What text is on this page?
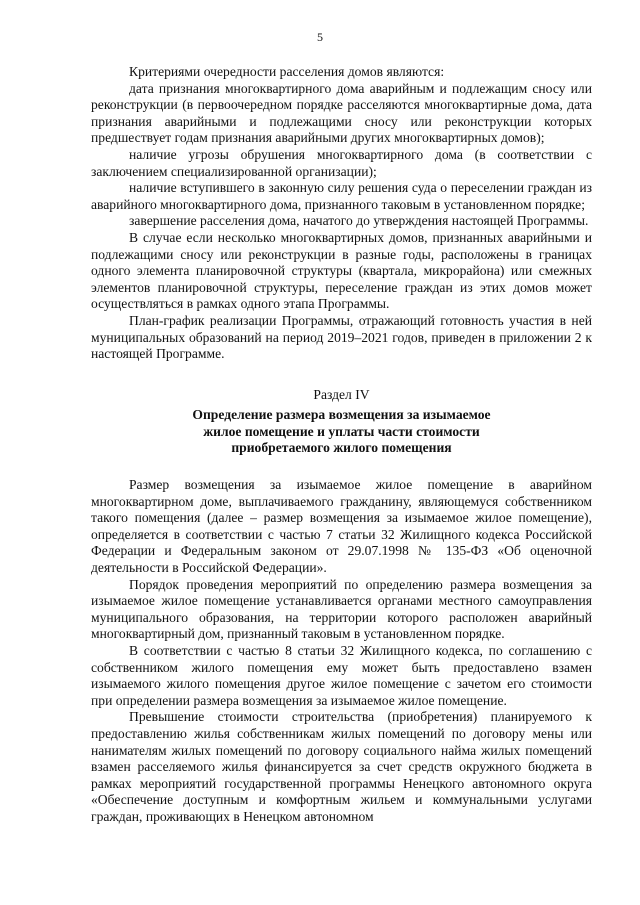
5

Критериями очередности расселения домов являются:

дата признания многоквартирного дома аварийным и подлежащим сносу или реконструкции (в первоочередном порядке расселяются многоквартирные дома, дата признания аварийными и подлежащими сносу или реконструкции которых предшествует годам признания аварийными других многоквартирных домов);

наличие угрозы обрушения многоквартирного дома (в соответствии с заключением специализированной организации);

наличие вступившего в законную силу решения суда о переселении граждан из аварийного многоквартирного дома, признанного таковым в установленном порядке;

завершение расселения дома, начатого до утверждения настоящей Программы.

В случае если несколько многоквартирных домов, признанных аварийными и подлежащими сносу или реконструкции в разные годы, расположены в границах одного элемента планировочной структуры (квартала, микрорайона) или смежных элементов планировочной структуры, переселение граждан из этих домов может осуществляться в рамках одного этапа Программы.

План-график реализации Программы, отражающий готовность участия в ней муниципальных образований на период 2019–2021 годов, приведен в приложении 2 к настоящей Программе.

Раздел IV
Определение размера возмещения за изымаемое
жилое помещение и уплаты части стоимости
приобретаемого жилого помещения

Размер возмещения за изымаемое жилое помещение в аварийном многоквартирном доме, выплачиваемого гражданину, являющемуся собственником такого помещения (далее – размер возмещения за изымаемое жилое помещение), определяется в соответствии с частью 7 статьи 32 Жилищного кодекса Российской Федерации и Федеральным законом от 29.07.1998 № 135-ФЗ «Об оценочной деятельности в Российской Федерации».

Порядок проведения мероприятий по определению размера возмещения за изымаемое жилое помещение устанавливается органами местного самоуправления муниципального образования, на территории которого расположен аварийный многоквартирный дом, признанный таковым в установленном порядке.

В соответствии с частью 8 статьи 32 Жилищного кодекса, по соглашению с собственником жилого помещения ему может быть предоставлено взамен изымаемого жилого помещения другое жилое помещение с зачетом его стоимости при определении размера возмещения за изымаемое жилое помещение.

Превышение стоимости строительства (приобретения) планируемого к предоставлению жилья собственникам жилых помещений по договору мены или нанимателям жилых помещений по договору социального найма жилых помещений взамен расселяемого жилья финансируется за счет средств окружного бюджета в рамках мероприятий государственной программы Ненецкого автономного округа «Обеспечение доступным и комфортным жильем и коммунальными услугами граждан, проживающих в Ненецком автономном
